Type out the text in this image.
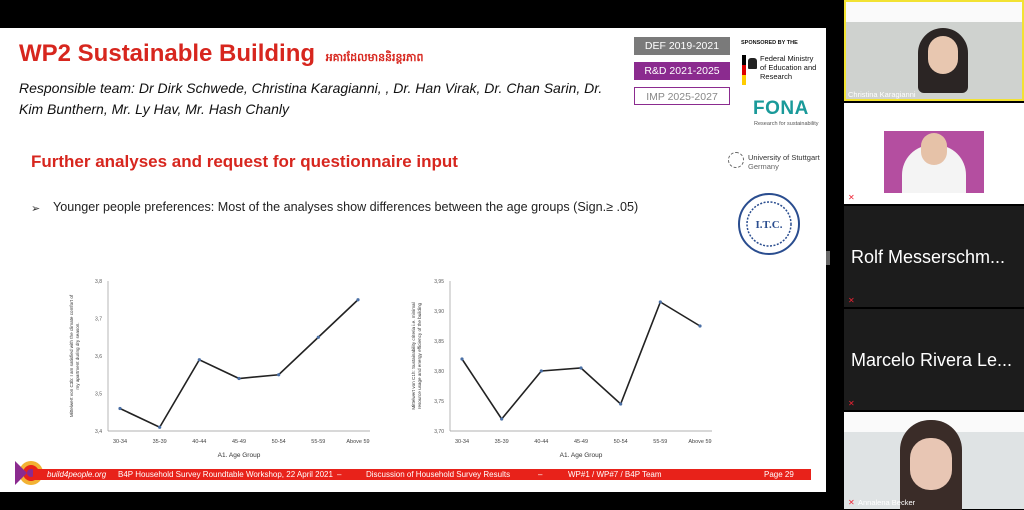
WP2 Sustainable Building អគារដែលមាននិរន្តរភាព
Responsible team: Dr Dirk Schwede, Christina Karagianni, , Dr. Han Virak, Dr. Chan Sarin, Dr. Kim Bunthern, Mr. Ly Hav, Mr. Hash Chanly
DEF 2019-2021
R&D 2021-2025
IMP 2025-2027
SPONSORED BY THE
Federal Ministry of Education and Research
FONA
Research for sustainability
Further analyses and request for questionnaire input	University of Stuttgart
Germany
➢ Younger people preferences: Most of the analyses show differences between the age groups (Sign.≥ .05)
I.T.C.
3,4
3,5
3,6
3,7
3,8
30-34	35-39	40-44	45-49	50-54	55-59	Above 59
A1. Age Group
Mittelwert von C3b: I am satisfied with the climate comfort ofmy apartment during dry season.
3,70
3,75
3,80
3,85
3,90
3,95
30-34	35-39	40-44	45-49	50-54	55-59	Above 59
A1. Age Group
Mittelwert von C1h: Sustainability criteria i.e. minimalresource usage and energy efficiency of the building
build4people.org B4P Household Survey Roundtable Workshop, 22 April 2021 –	Discussion of Household Survey Results	–	WP#1 / WP#7 / B4P Team	Page 29
Christina Karagianni
✕ Michael Waibel (Build4People)
Rolf Messerschm...
✕
Marcelo Rivera Le...
✕
✕ Annalena Becker
